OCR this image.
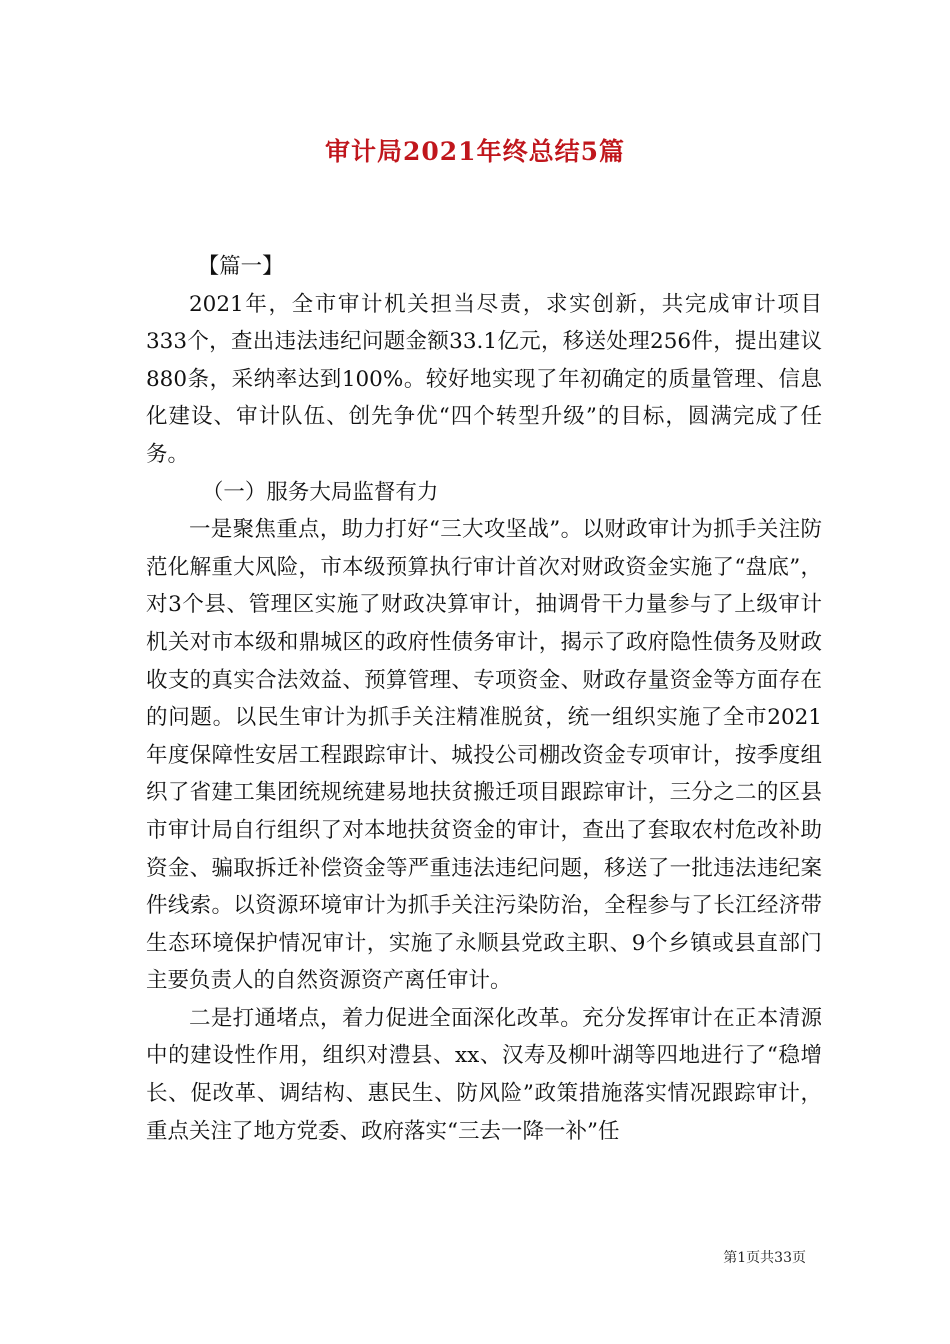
审计局2021年终总结5篇

【篇一】

2021年，全市审计机关担当尽责，求实创新，共完成审计项目333个，查出违法违纪问题金额33.1亿元，移送处理256件，提出建议880条，采纳率达到100%。较好地实现了年初确定的质量管理、信息化建设、审计队伍、创先争优“四个转型升级”的目标，圆满完成了任务。

（一）服务大局监督有力

一是聚焦重点，助力打好“三大攻坚战”。以财政审计为抓手关注防范化解重大风险，市本级预算执行审计首次对财政资金实施了“盘底”，对3个县、管理区实施了财政决算审计，抽调骨干力量参与了上级审计机关对市本级和鼎城区的政府性债务审计，揭示了政府隐性债务及财政收支的真实合法效益、预算管理、专项资金、财政存量资金等方面存在的问题。以民生审计为抓手关注精准脱贫，统一组织实施了全市2021年度保障性安居工程跟踪审计、城投公司棚改资金专项审计，按季度组织了省建工集团统规统建易地扶贫搬迁项目跟踪审计，三分之二的区县市审计局自行组织了对本地扶贫资金的审计，查出了套取农村危改补助资金、骗取拆迁补偿资金等严重违法违纪问题，移送了一批违法违纪案件线索。以资源环境审计为抓手关注污染防治，全程参与了长江经济带生态环境保护情况审计，实施了永顺县党政主职、9个乡镇或县直部门主要负责人的自然资源资产离任审计。

二是打通堵点，着力促进全面深化改革。充分发挥审计在正本清源中的建设性作用，组织对澧县、xx、汉寿及柳叶湖等四地进行了“稳增长、促改革、调结构、惠民生、防风险”政策措施落实情况跟踪审计，重点关注了地方党委、政府落实“三去一降一补”任

第1页共33页
